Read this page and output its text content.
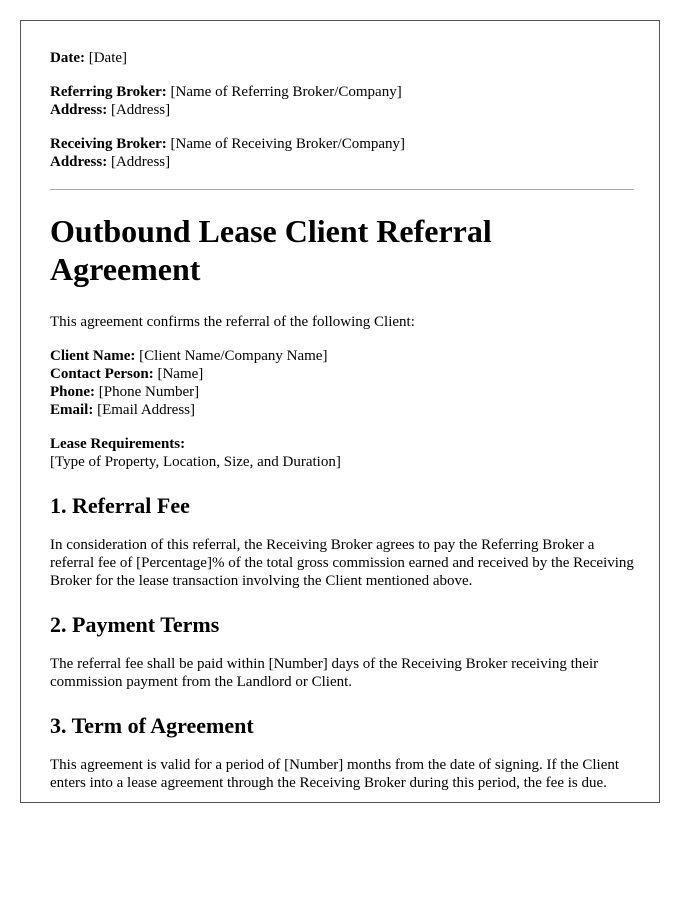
Date: [Date]

Referring Broker: [Name of Referring Broker/Company]

Address: [Address]

Receiving Broker: [Name of Receiving Broker/Company]

Address: [Address]

Outbound Lease Client Referral Agreement

This agreement confirms the referral of the following Client:

Client Name: [Client Name/Company Name]

Contact Person: [Name]

Phone: [Phone Number]

Email: [Email Address]

Lease Requirements:

[Type of Property, Location, Size, and Duration]

1. Referral Fee

In consideration of this referral, the Receiving Broker agrees to pay the Referring Broker a referral fee of [Percentage]% of the total gross commission earned and received by the Receiving Broker for the lease transaction involving the Client mentioned above.

2. Payment Terms

The referral fee shall be paid within [Number] days of the Receiving Broker receiving their commission payment from the Landlord or Client.

3. Term of Agreement

This agreement is valid for a period of [Number] months from the date of signing. If the Client enters into a lease agreement through the Receiving Broker during this period, the fee is due.
